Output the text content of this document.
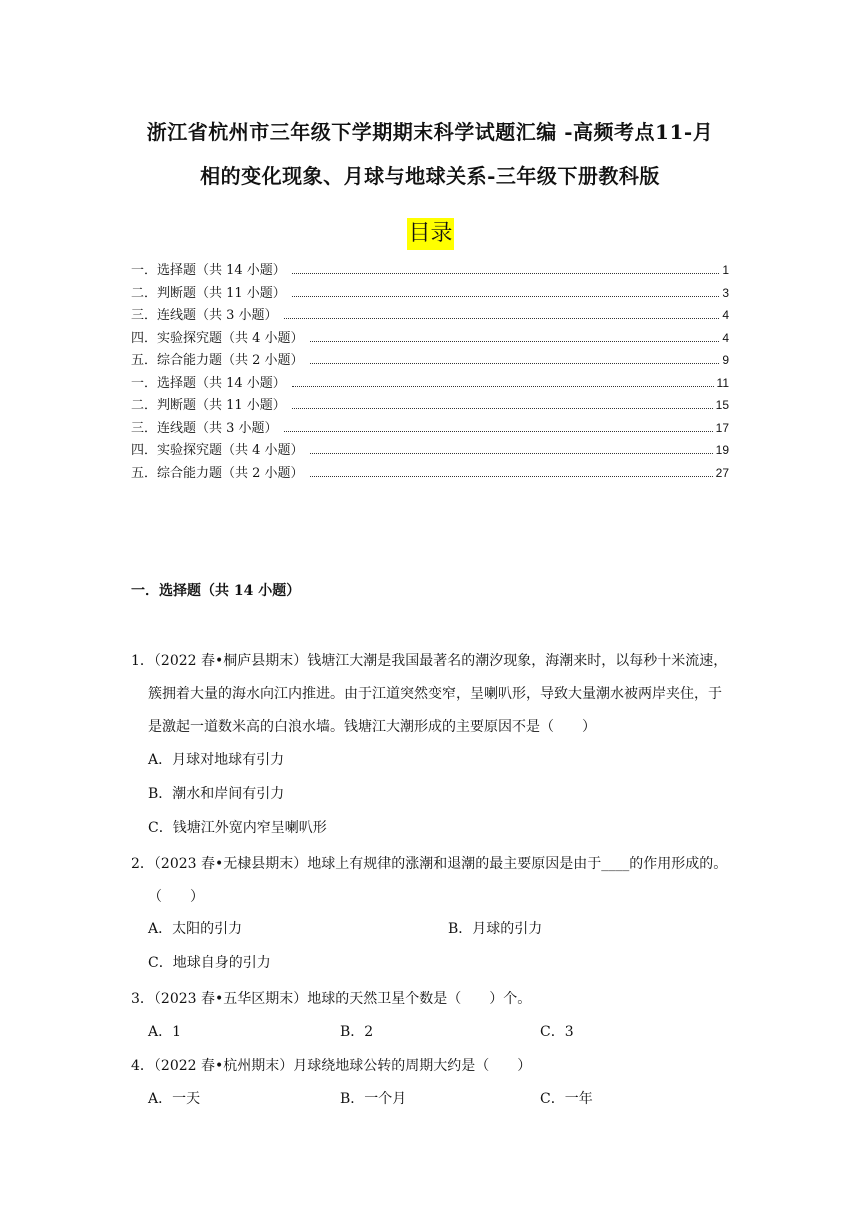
浙江省杭州市三年级下学期期末科学试题汇编 -高频考点11-月
相的变化现象、月球与地球关系-三年级下册教科版
目录
一．选择题（共 14 小题）	1
二．判断题（共 11 小题）	3
三．连线题（共 3 小题）	4
四．实验探究题（共 4 小题）	4
五．综合能力题（共 2 小题）	9
一．选择题（共 14 小题）	11
二．判断题（共 11 小题）	15
三．连线题（共 3 小题）	17
四．实验探究题（共 4 小题）	19
五．综合能力题（共 2 小题）	27
一．选择题（共 14 小题）
1．（2022 春•桐庐县期末）钱塘江大潮是我国最著名的潮汐现象，海潮来时，以每秒十米流速，簇拥着大量的海水向江内推进。由于江道突然变窄，呈喇叭形，导致大量潮水被两岸夹住，于是激起一道数米高的白浪水墙。钱塘江大潮形成的主要原因不是（　　）
A．月球对地球有引力
B．潮水和岸间有引力
C．钱塘江外宽内窄呈喇叭形
2．（2023 春•无棣县期末）地球上有规律的涨潮和退潮的最主要原因是由于____的作用形成的。（　　）
A．太阳的引力	B．月球的引力
C．地球自身的引力
3．（2023 春•五华区期末）地球的天然卫星个数是（　　）个。
A．1	B．2	C．3
4．（2022 春•杭州期末）月球绕地球公转的周期大约是（　　）
A．一天	B．一个月	C．一年
